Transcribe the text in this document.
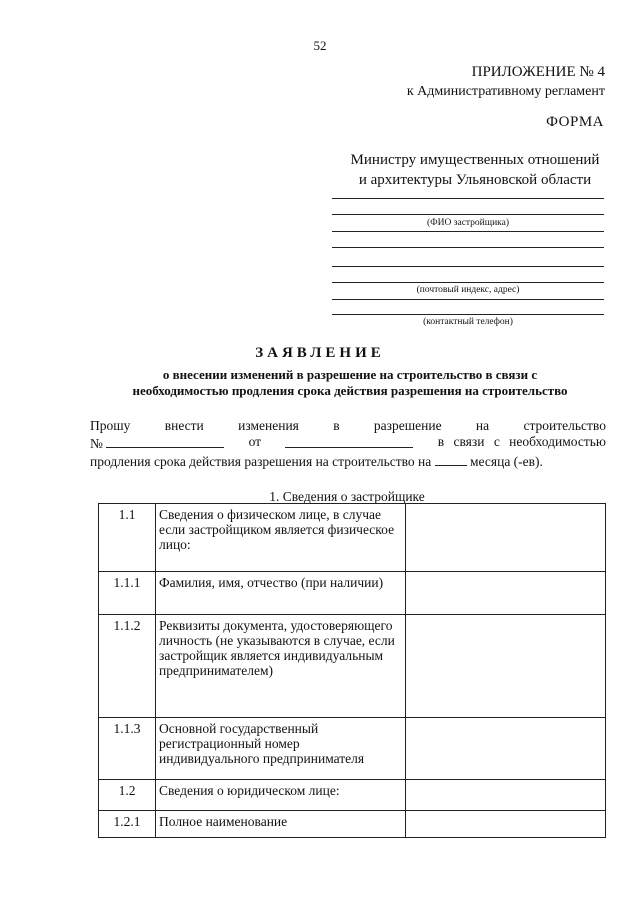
52
ПРИЛОЖЕНИЕ № 4
к Административному регламент
ФОРМА
Министру имущественных отношений
и архитектуры Ульяновской области
(ФИО застройщика)
(почтовый индекс, адрес)
(контактный телефон)
ЗАЯВЛЕНИЕ
о внесении изменений в разрешение на строительство в связи с
необходимостью продления срока действия разрешения на строительство
Прошу	внести	изменения	в	разрешение	на	строительство
№	от	в связи с необходимостью
продления срока действия разрешения на строительство на	месяца (-ев).
1. Сведения о застройщике
1.1	Сведения о физическом лице, в случае если застройщиком является физическое лицо:	
1.1.1	Фамилия, имя, отчество (при наличии)	
1.1.2	Реквизиты документа, удостоверяющего личность (не указываются в случае, если застройщик является индивидуальным предпринимателем)	
1.1.3	Основной государственный регистрационный номер индивидуального предпринимателя	
1.2	Сведения о юридическом лице:	
1.2.1	Полное наименование	
